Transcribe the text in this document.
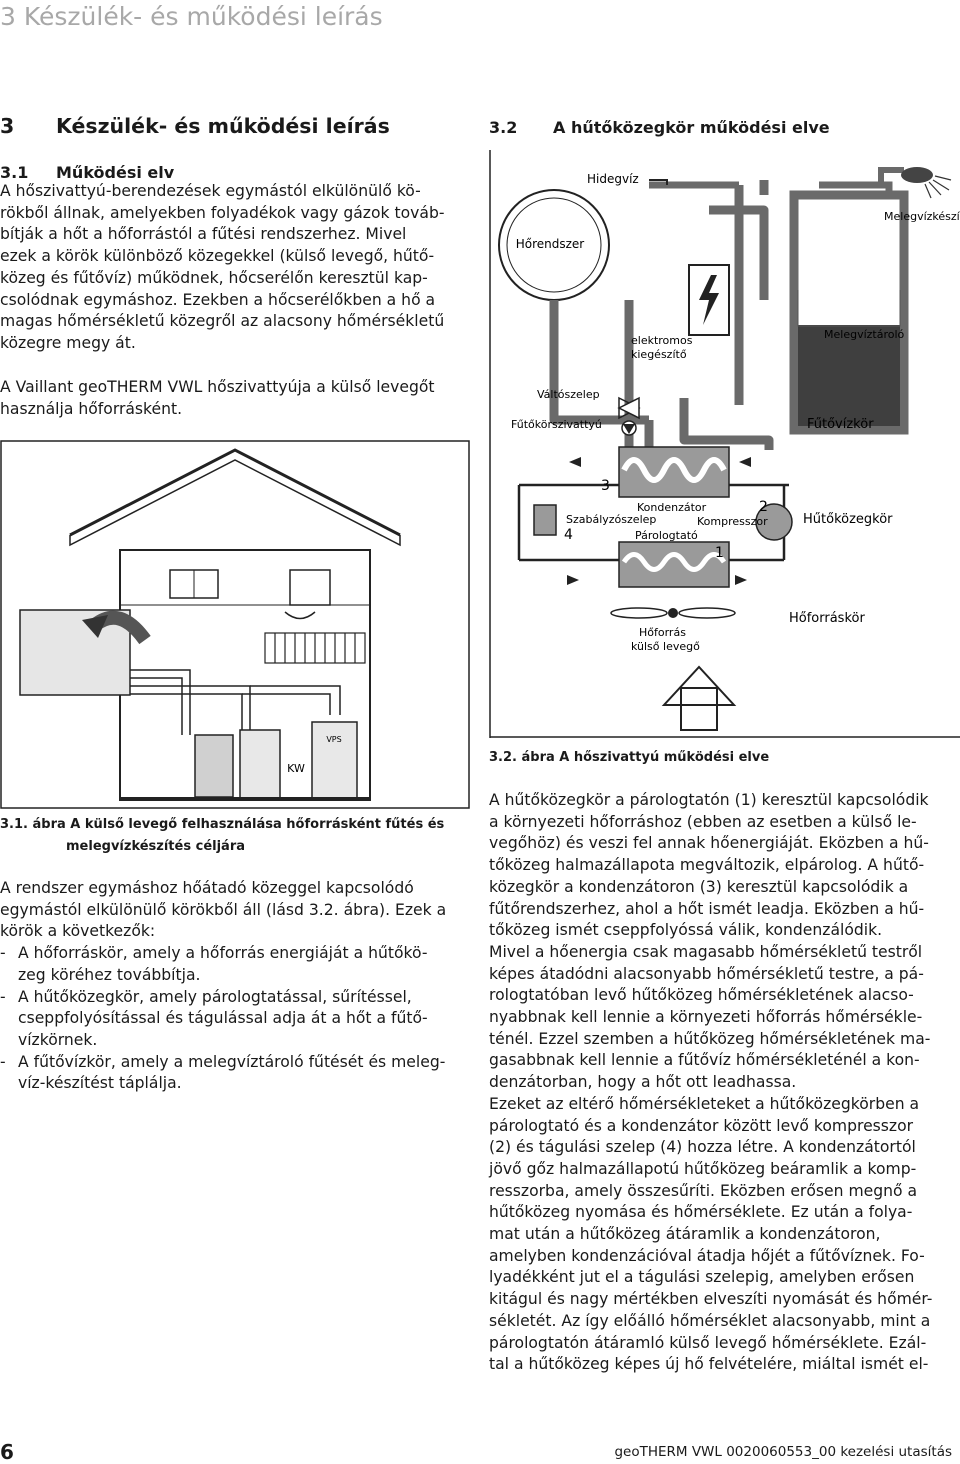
3 Készülék- és működési leírás
3 Készülék- és működési leírás
3.1 Működési elv

A hőszivattyú-berendezések egymástól elkülönülő kö-

rökből állnak, amelyekben folyadékok vagy gázok továb-

bítják a hőt a hőforrástól a fűtési rendszerhez. Mivel

ezek a körök különböző közegekkel (külső levegő, hűtő-

közeg és fűtővíz) működnek, hőcserélőn keresztül kap-

csolódnak egymáshoz. Ezekben a hőcserélőkben a hő a

magas hőmérsékletű közegről az alacsony hőmérsékletű

közegre megy át.

A Vaillant geoTHERM VWL hőszivattyúja a külső levegőt

használja hőforrásként.

VPS
KW
3.1. ábra A külső levegő felhasználása hőforrásként fűtés és
melegvízkészítés céljára

A rendszer egymáshoz hőátadó közeggel kapcsolódó

egymástól elkülönülő körökből áll (lásd 3.2. ábra). Ezek a

körök a következők:

- A hőforráskör, amely a hőforrás energiáját a hűtőkö-
zeg köréhez továbbítja.
- A hűtőközegkör, amely párologtatással, sűrítéssel,
cseppfolyósítással és tágulással adja át a hőt a fűtő-
vízkörnek.
- A fűtővízkör, amely a melegvíztároló fűtését és meleg-
víz-készítést táplálja.
3.2 A hűtőközegkör működési elve
Hőrendszer
Hidegvíz
Melegvíztároló
Melegvízkészí
elektromos
kiegészítő
Váltószelep
Fűtőkörszivattyú	Fűtővízkör
3
Kondenzátor
Szabályzószelep
4
2
Kompresszor	Hűtőközegkör
Párologtató
1
Hőforráskör
Hőforrás
külső levegő
3.2. ábra A hőszivattyú működési elve

A hűtőközegkör a párologtatón (1) keresztül kapcsolódik

a környezeti hőforráshoz (ebben az esetben a külső le-

vegőhöz) és veszi fel annak hőenergiáját. Eközben a hű-

tőközeg halmazállapota megváltozik, elpárolog. A hűtő-

közegkör a kondenzátoron (3) keresztül kapcsolódik a

fűtőrendszerhez, ahol a hőt ismét leadja. Eközben a hű-

tőközeg ismét cseppfolyóssá válik, kondenzálódik.

Mivel a hőenergia csak magasabb hőmérsékletű testről

képes átadódni alacsonyabb hőmérsékletű testre, a pá-

rologtatóban levő hűtőközeg hőmérsékletének alacso-

nyabbnak kell lennie a környezeti hőforrás hőmérsékle-

ténél. Ezzel szemben a hűtőközeg hőmérsékletének ma-

gasabbnak kell lennie a fűtővíz hőmérsékleténél a kon-

denzátorban, hogy a hőt ott leadhassa.

Ezeket az eltérő hőmérsékleteket a hűtőközegkörben a

párologtató és a kondenzátor között levő kompresszor

(2) és tágulási szelep (4) hozza létre. A kondenzátortól

jövő gőz halmazállapotú hűtőközeg beáramlik a komp-

resszorba, amely összesűríti. Eközben erősen megnő a

hűtőközeg nyomása és hőmérséklete. Ez után a folya-

mat után a hűtőközeg átáramlik a kondenzátoron,

amelyben kondenzációval átadja hőjét a fűtővíznek. Fo-

lyadékként jut el a tágulási szelepig, amelyben erősen

kitágul és nagy mértékben elveszíti nyomását és hőmér-

sékletét. Az így előálló hőmérséklet alacsonyabb, mint a

párologtatón átáramló külső levegő hőmérséklete. Ezál-

tal a hűtőközeg képes új hő felvételére, miáltal ismét el-

6	geoTHERM VWL 0020060553_00 kezelési utasítás
